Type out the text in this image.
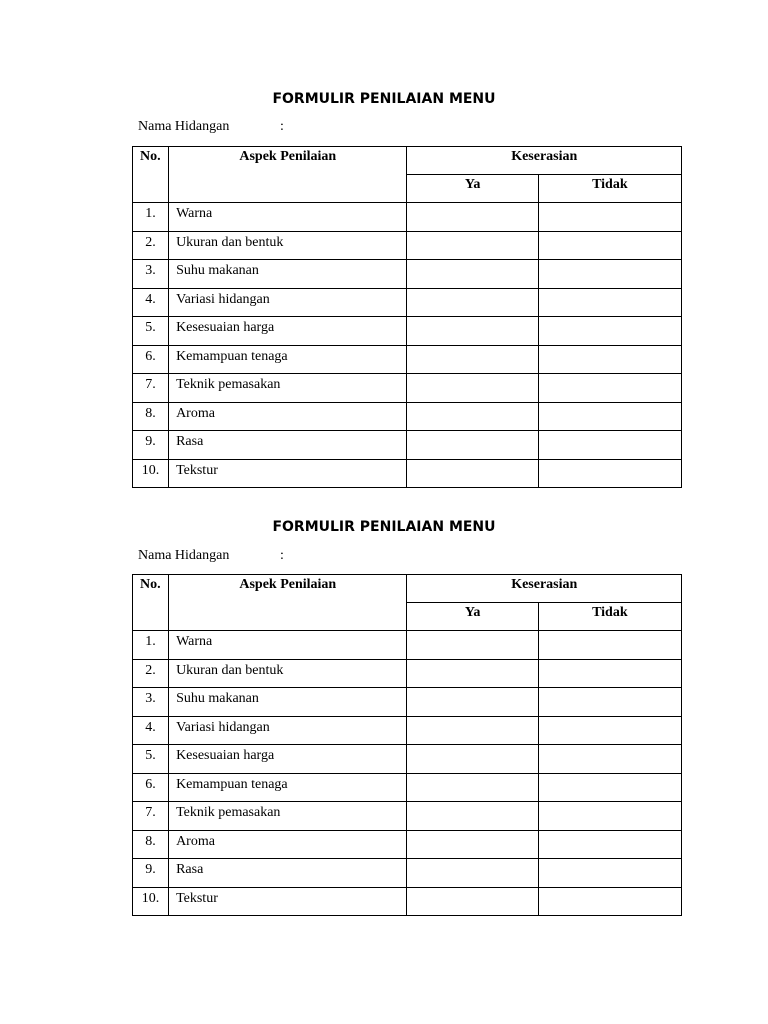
FORMULIR PENILAIAN MENU
Nama Hidangan	:
No.	Aspek Penilaian	Keserasian	
		Ya	Tidak
1.	Warna		
2.	Ukuran dan bentuk		
3.	Suhu makanan		
4.	Variasi hidangan		
5.	Kesesuaian harga		
6.	Kemampuan tenaga		
7.	Teknik pemasakan		
8.	Aroma		
9.	Rasa		
10.	Tekstur		
FORMULIR PENILAIAN MENU
Nama Hidangan	:
No.	Aspek Penilaian	Keserasian	
		Ya	Tidak
1.	Warna		
2.	Ukuran dan bentuk		
3.	Suhu makanan		
4.	Variasi hidangan		
5.	Kesesuaian harga		
6.	Kemampuan tenaga		
7.	Teknik pemasakan		
8.	Aroma		
9.	Rasa		
10.	Tekstur		
